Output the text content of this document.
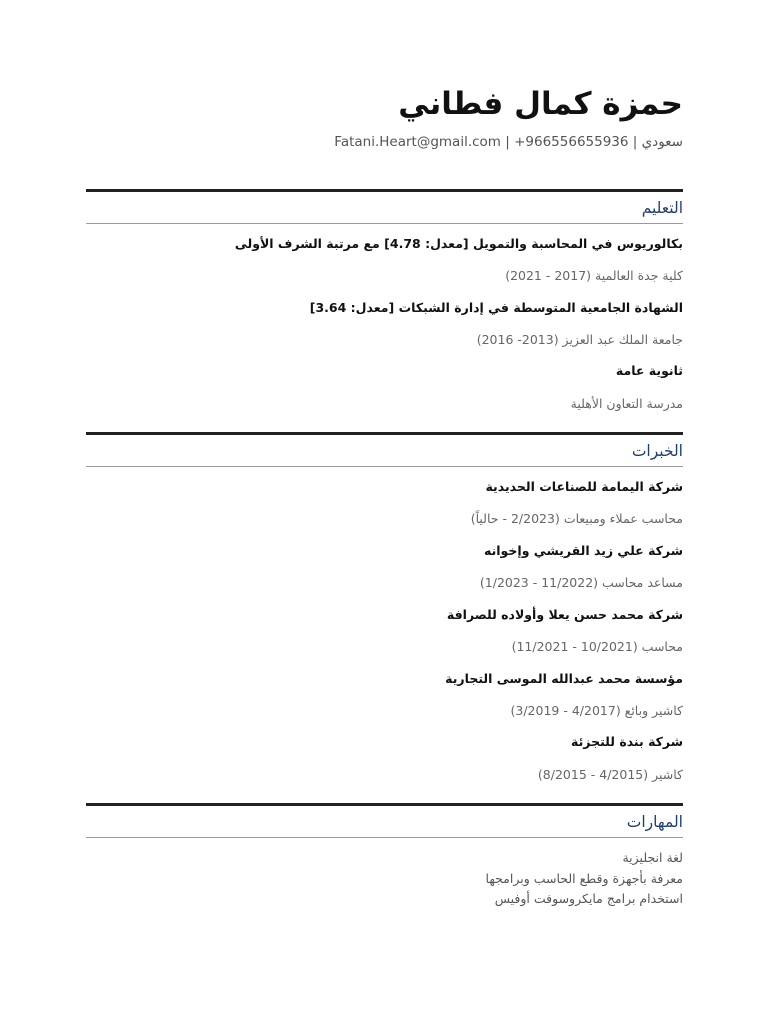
حمزة كمال فطاني
سعودي | 966556655936+ | Fatani.Heart@gmail.com
التعليم
بكالوريوس في المحاسبة والتمويل [معدل: 4.78] مع مرتبة الشرف الأولى
كلية جدة العالمية (2017 - 2021)
الشهادة الجامعية المتوسطة في إدارة الشبكات [معدل: 3.64]
جامعة الملك عبد العزيز (2013- 2016)
ثانوية عامة
مدرسة التعاون الأهلية
الخبرات
شركة اليمامة للصناعات الحديدية
محاسب عملاء ومبيعات (2/2023 - حالياً)
شركة علي زيد القريشي وإخوانه
مساعد محاسب (11/2022 - 1/2023)
شركة محمد حسن يعلا وأولاده للصرافة
محاسب (10/2021 - 11/2021)
مؤسسة محمد عبدالله الموسى التجارية
كاشير وبائع (4/2017 - 3/2019)
شركة بندة للتجزئة
كاشير (4/2015 - 8/2015)
المهارات
لغة انجليزية
معرفة بأجهزة وقطع الحاسب وبرامجها
استخدام برامج مايكروسوفت أوفيس
